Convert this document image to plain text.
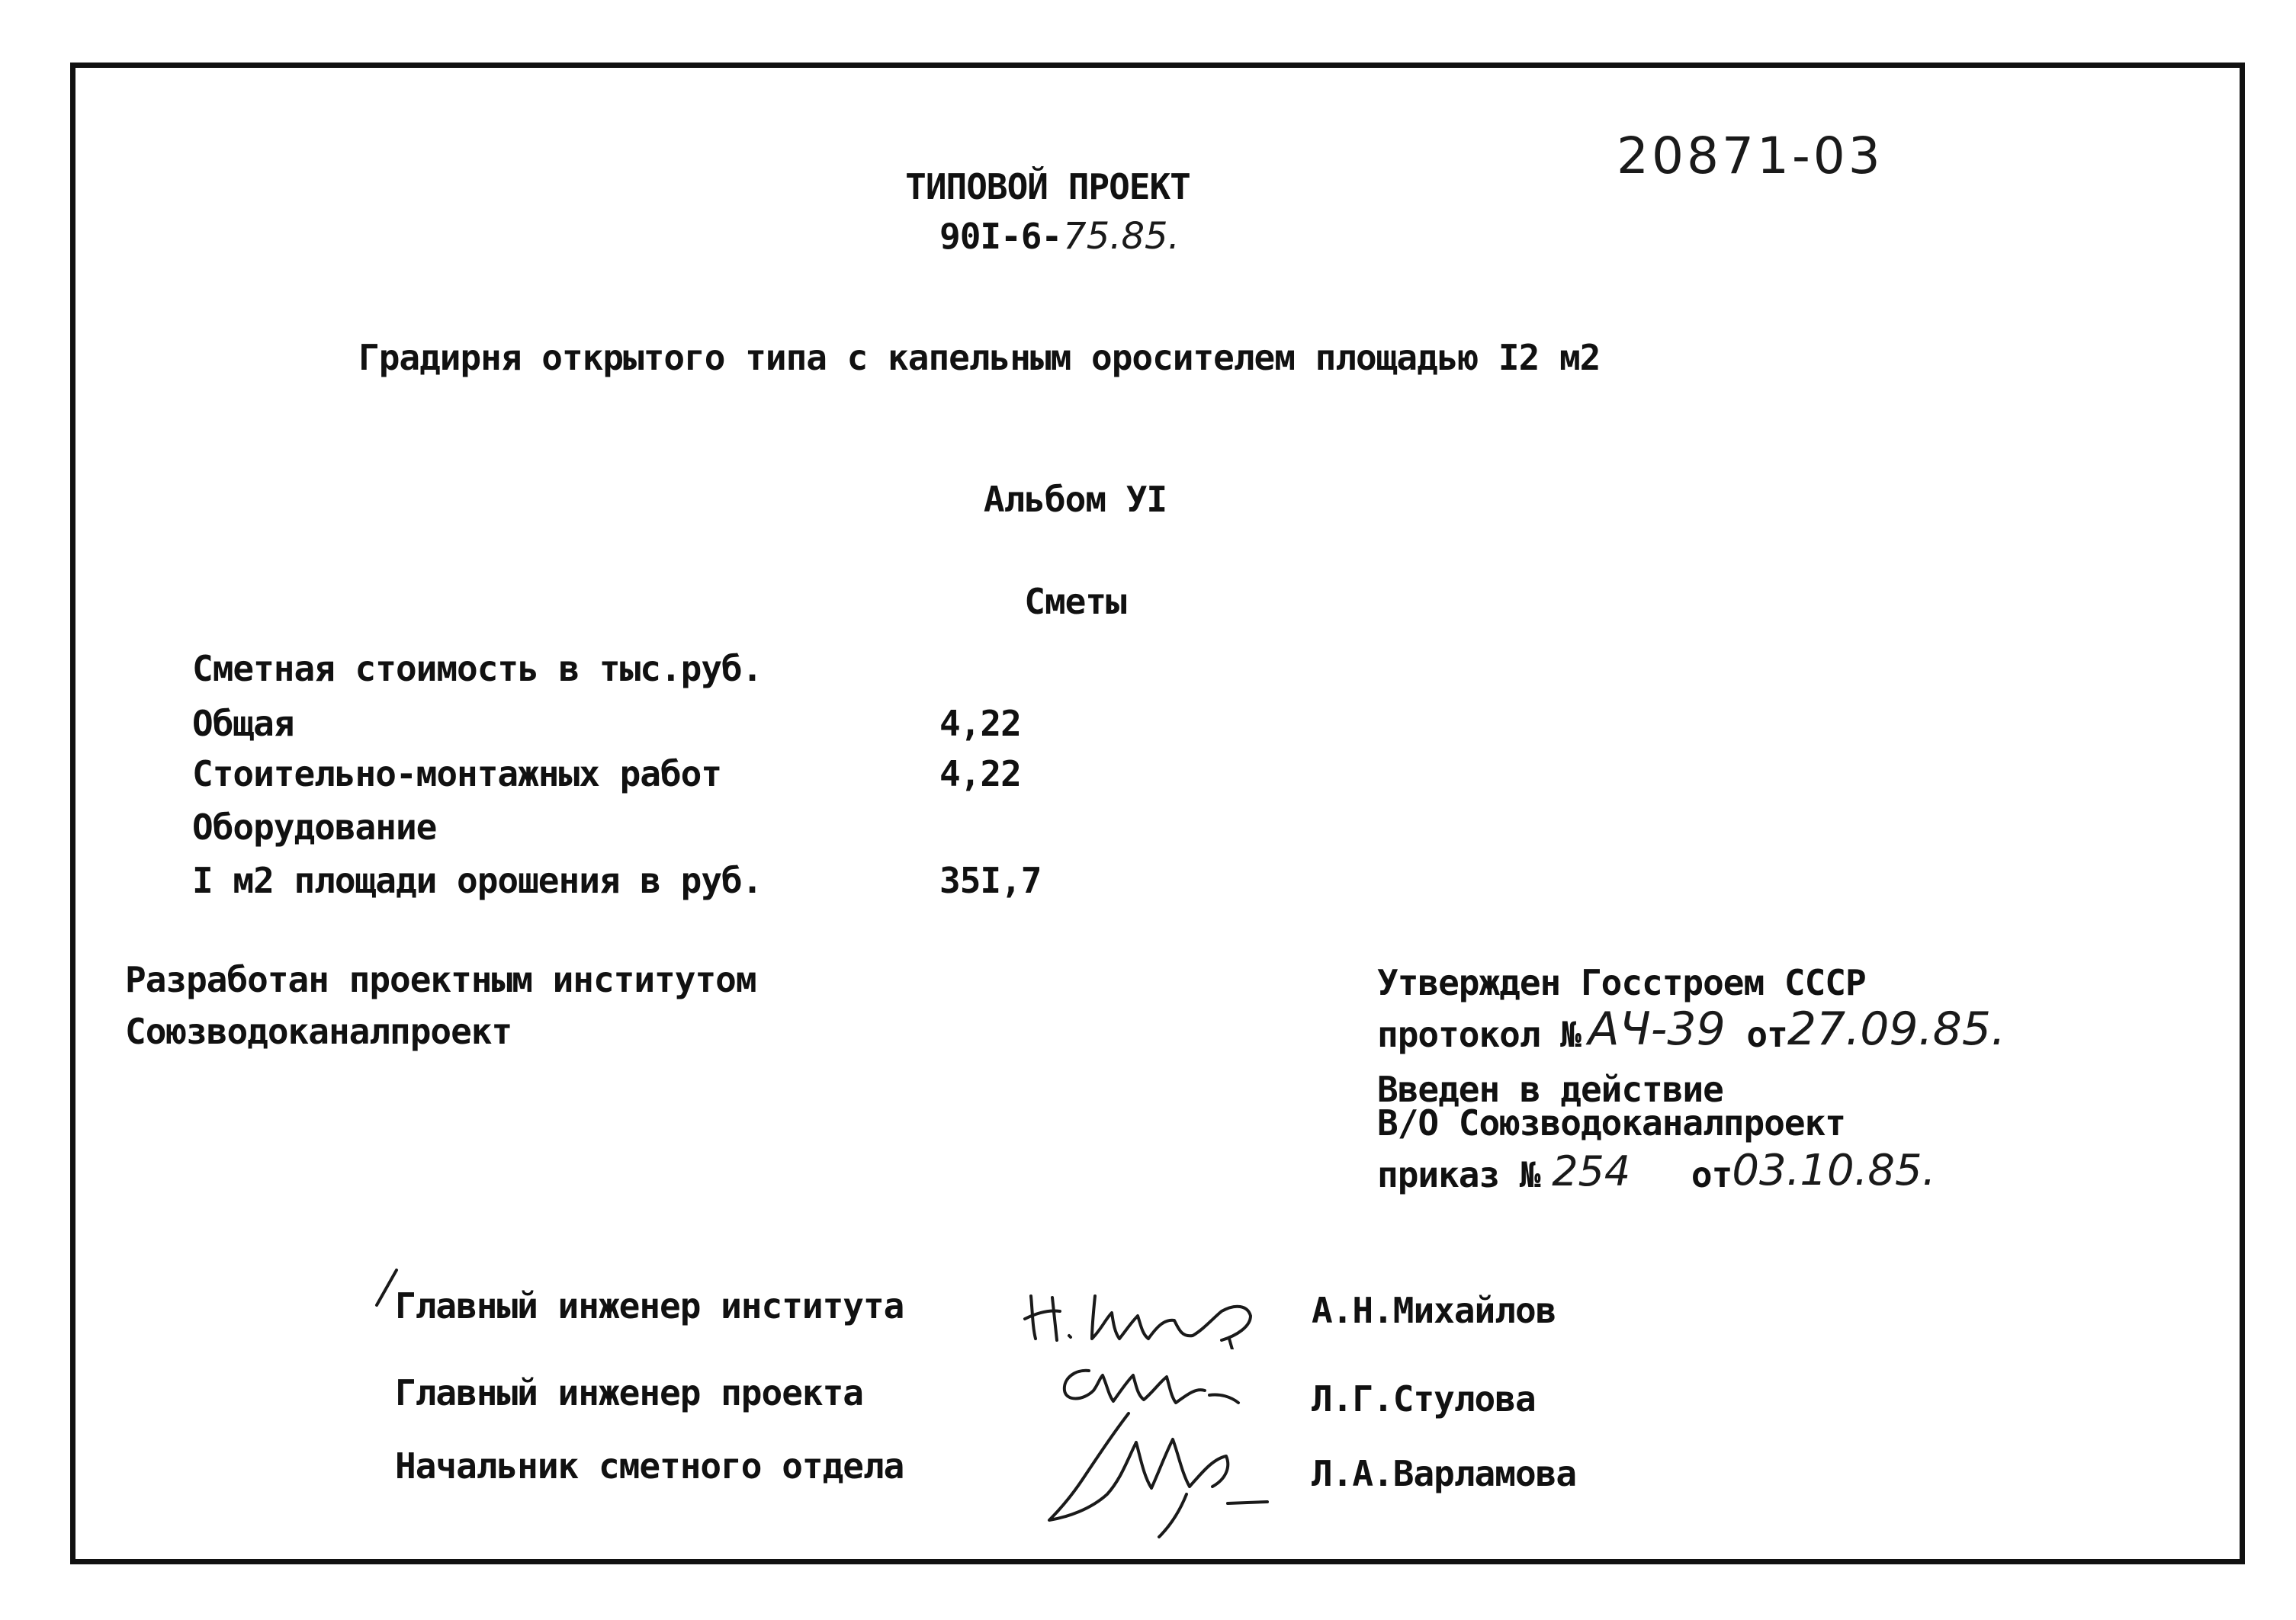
20871-03
ТИПОВОЙ ПРОЕКТ
90I-6-75.85.
Градирня открытого типа с капельным оросителем площадью I2 м2
Альбом УI
Сметы
Сметная стоимость в тыс.руб.
Общая	4,22
Стоительно-монтажных работ	4,22
Оборудование
I м2 площади орошения в руб.	35I,7
Разработан проектным институтом
Союзводоканалпроект
Утвержден Госстроем СССР
протокол № АЧ-39 от27.09.85.
Введен в действие
В/О Союзводоканалпроект
приказ № 254 от03.10.85.
Главный инженер института	А.Н.Михайлов
Главный инженер проекта	Л.Г.Стулова
Начальник сметного отдела	Л.А.Варламова
